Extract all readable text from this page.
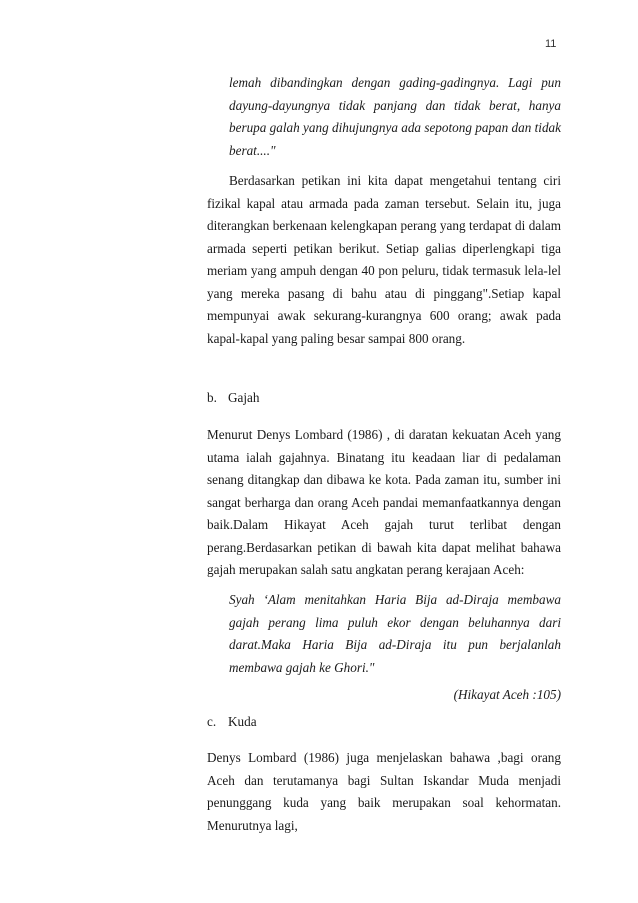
11
lemah dibandingkan dengan gading-gadingnya. Lagi pun dayung-dayungnya tidak panjang dan tidak berat, hanya berupa galah yang dihujungnya ada sepotong papan dan tidak berat...."
Berdasarkan petikan ini kita dapat mengetahui tentang ciri fizikal kapal atau armada pada zaman tersebut. Selain itu, juga diterangkan berkenaan kelengkapan perang yang terdapat di dalam armada seperti petikan berikut. Setiap galias diperlengkapi tiga meriam yang ampuh dengan 40 pon peluru, tidak termasuk lela-lel yang mereka pasang di bahu atau di pinggang".Setiap kapal mempunyai awak sekurang-kurangnya 600 orang; awak pada kapal-kapal yang paling besar sampai 800 orang.
b. Gajah
Menurut Denys Lombard (1986) , di daratan kekuatan Aceh yang utama ialah gajahnya. Binatang itu keadaan liar di pedalaman senang ditangkap dan dibawa ke kota. Pada zaman itu, sumber ini sangat berharga dan orang Aceh pandai memanfaatkannya dengan baik.Dalam Hikayat Aceh gajah turut terlibat dengan perang.Berdasarkan petikan di bawah kita dapat melihat bahawa gajah merupakan salah satu angkatan perang kerajaan Aceh:
Syah ‘Alam menitahkan Haria Bija ad-Diraja membawa gajah perang lima puluh ekor dengan beluhannya dari darat.Maka Haria Bija ad-Diraja itu pun berjalanlah membawa gajah ke Ghori."
(Hikayat Aceh :105)
c. Kuda
Denys Lombard (1986) juga menjelaskan bahawa ,bagi orang Aceh dan terutamanya bagi Sultan Iskandar Muda menjadi penunggang kuda yang baik merupakan soal kehormatan. Menurutnya lagi,
